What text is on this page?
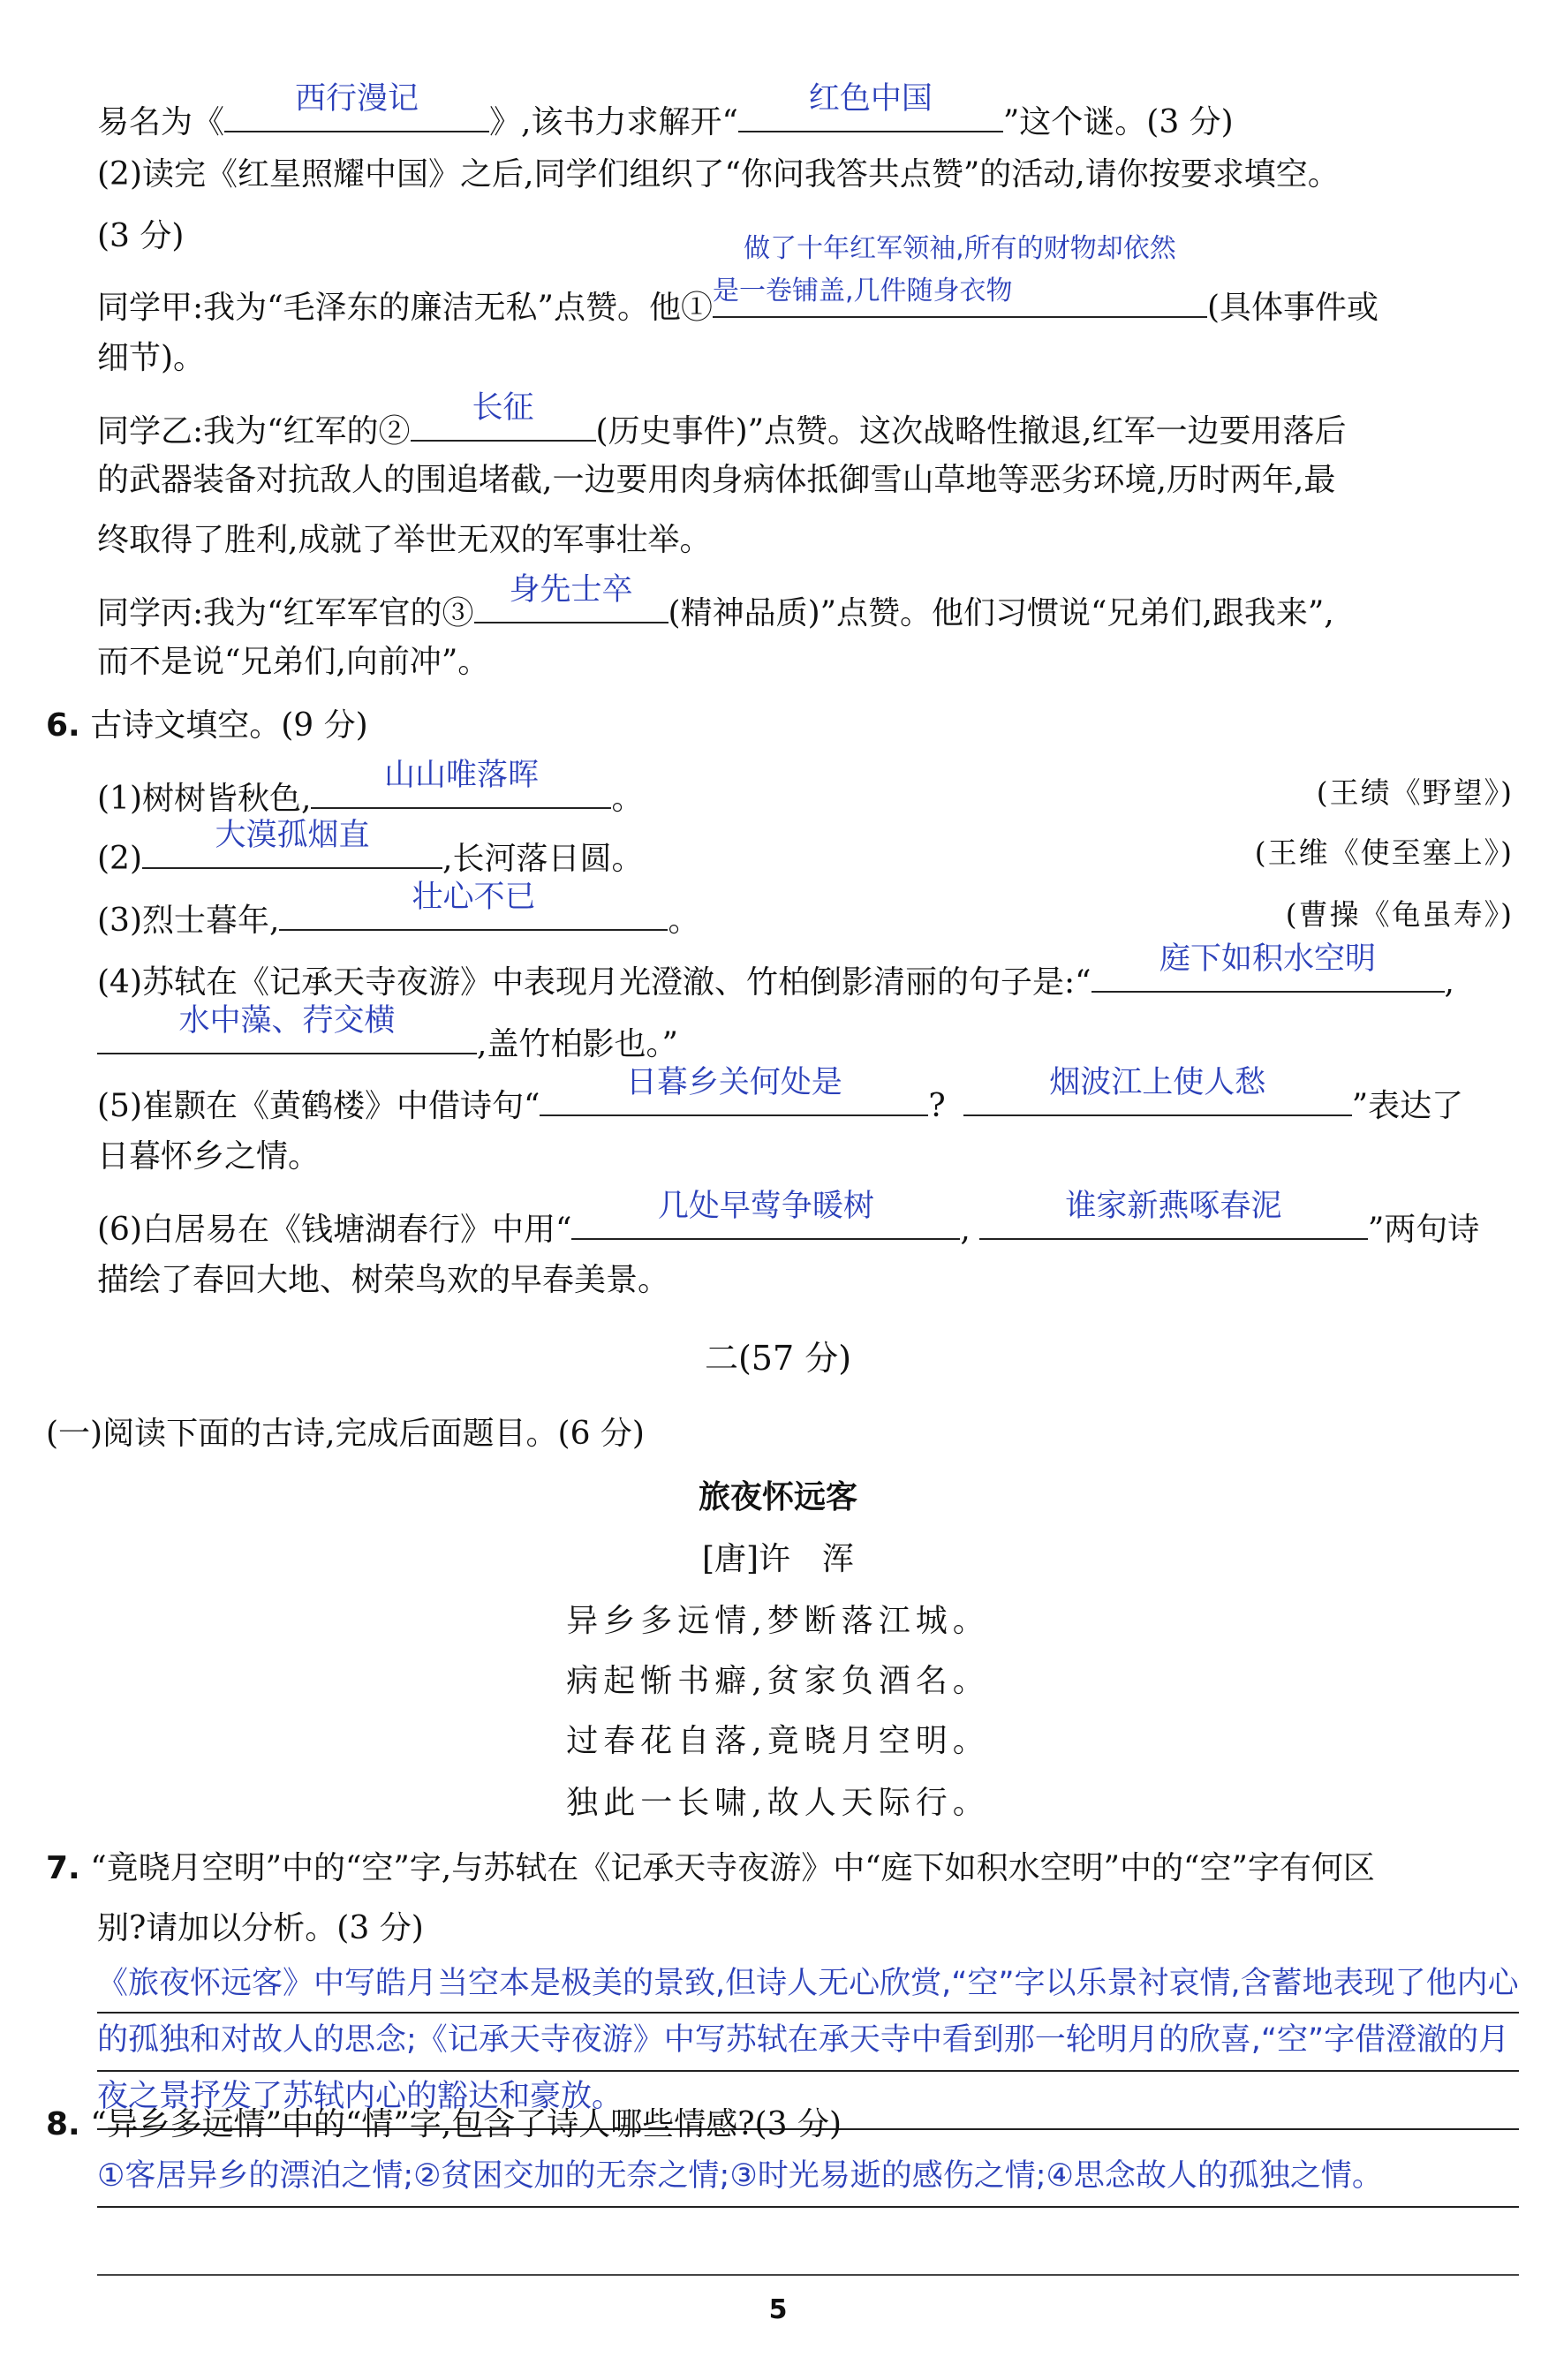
易名为《
西行漫记
》,该书力求解开“
红色中国
”这个谜。(3 分)
(2)读完《红星照耀中国》之后,同学们组织了“你问我答共点赞”的活动,请你按要求填空。
(3 分)
同学甲:我为“毛泽东的廉洁无私”点赞。他①
做了十年红军领袖,所有的财物却依然
是一卷铺盖,几件随身衣物	(具体事件或
细节)。
同学乙:我为“红军的②
长征
(历史事件)”点赞。这次战略性撤退,红军一边要用落后
的武器装备对抗敌人的围追堵截,一边要用肉身病体抵御雪山草地等恶劣环境,历时两年,最
终取得了胜利,成就了举世无双的军事壮举。
同学丙:我为“红军军官的③
身先士卒
(精神品质)”点赞。他们习惯说“兄弟们,跟我来”,
而不是说“兄弟们,向前冲”。
6. 古诗文填空。(9 分)
(1)树树皆秋色,
山山唯落晖
。	(王绩《野望》)
(2)
大漠孤烟直
,长河落日圆。	(王维《使至塞上》)
(3)烈士暮年,
壮心不已
。	(曹操《龟虽寿》)
(4)苏轼在《记承天寺夜游》中表现月光澄澈、竹柏倒影清丽的句子是:“
庭下如积水空明
,
水中藻、荇交横
,盖竹柏影也。”
(5)崔颢在《黄鹤楼》中借诗句“
日暮乡关何处是
?
烟波江上使人愁
”表达了
日暮怀乡之情。
(6)白居易在《钱塘湖春行》中用“
几处早莺争暖树
,
谁家新燕啄春泥
”两句诗
描绘了春回大地、树荣鸟欢的早春美景。
二(57 分)
(一)阅读下面的古诗,完成后面题目。(6 分)
旅夜怀远客
[唐]许　浑
异乡多远情,梦断落江城。
病起惭书癖,贫家负酒名。
过春花自落,竟晓月空明。
独此一长啸,故人天际行。
7. “竟晓月空明”中的“空”字,与苏轼在《记承天寺夜游》中“庭下如积水空明”中的“空”字有何区
别?请加以分析。(3 分)
《旅夜怀远客》中写皓月当空本是极美的景致,但诗人无心欣赏,“空”字以乐景衬哀情,含蓄地表现了他内心的孤独和对故人的思念;《记承天寺夜游》中写苏轼在承天寺中看到那一轮明月的欣喜,“空”字借澄澈的月夜之景抒发了苏轼内心的豁达和豪放。
8. “异乡多远情”中的“情”字,包含了诗人哪些情感?(3 分)
①客居异乡的漂泊之情;②贫困交加的无奈之情;③时光易逝的感伤之情;④思念故人的孤独之情。
5
